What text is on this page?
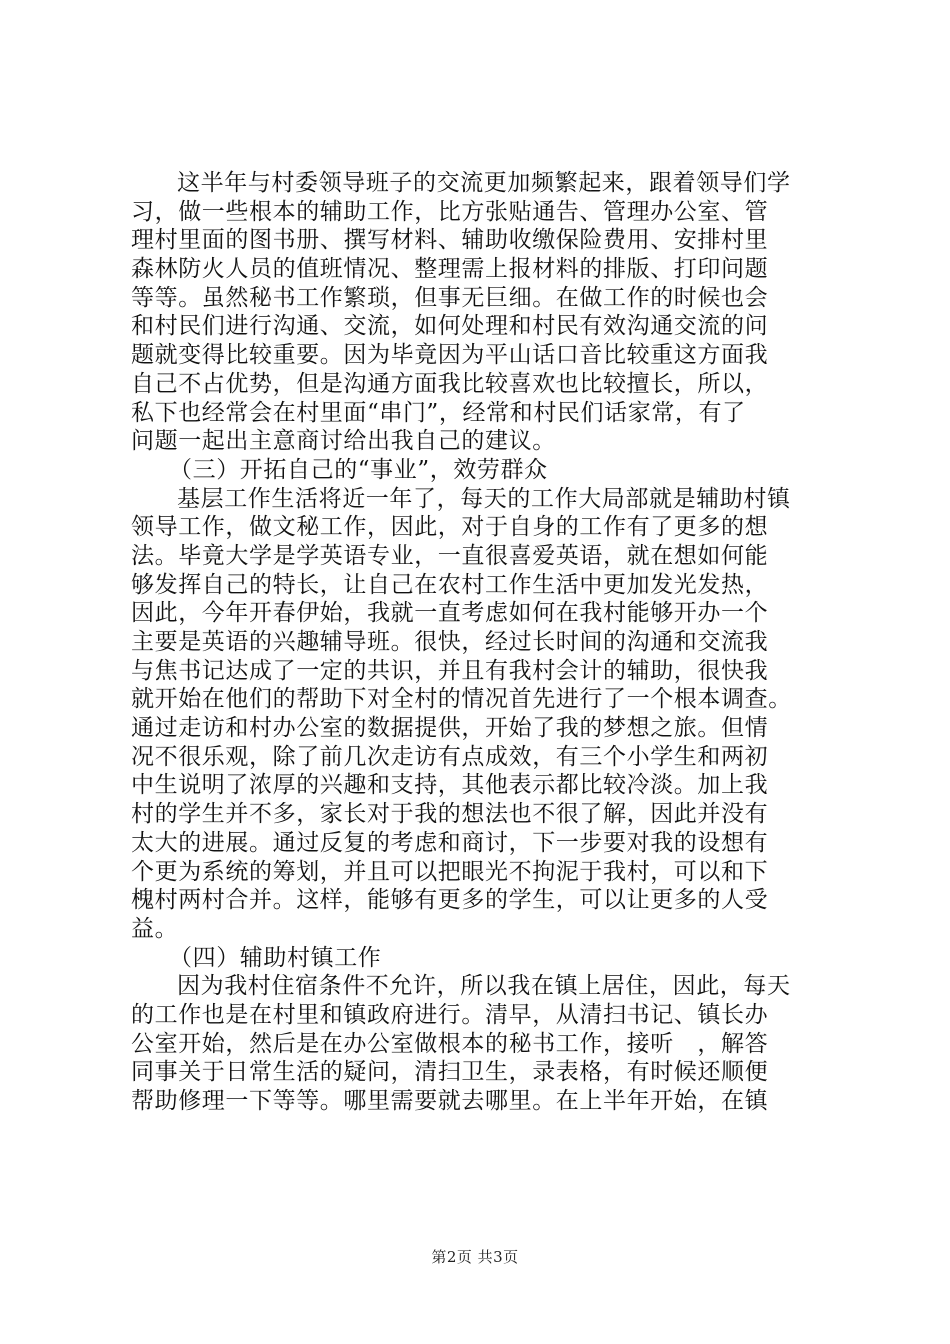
这半年与村委领导班子的交流更加频繁起来，跟着领导们学
习，做一些根本的辅助工作，比方张贴通告、管理办公室、管
理村里面的图书册、撰写材料、辅助收缴保险费用、安排村里
森林防火人员的值班情况、整理需上报材料的排版、打印问题
等等。虽然秘书工作繁琐，但事无巨细。在做工作的时候也会
和村民们进行沟通、交流，如何处理和村民有效沟通交流的问
题就变得比较重要。因为毕竟因为平山话口音比较重这方面我
自己不占优势，但是沟通方面我比较喜欢也比较擅长，所以，
私下也经常会在村里面“串门”，经常和村民们话家常，有了
问题一起出主意商讨给出我自己的建议。
（三）开拓自己的“事业”，效劳群众
基层工作生活将近一年了，每天的工作大局部就是辅助村镇
领导工作，做文秘工作，因此，对于自身的工作有了更多的想
法。毕竟大学是学英语专业，一直很喜爱英语，就在想如何能
够发挥自己的特长，让自己在农村工作生活中更加发光发热，
因此，今年开春伊始，我就一直考虑如何在我村能够开办一个
主要是英语的兴趣辅导班。很快，经过长时间的沟通和交流我
与焦书记达成了一定的共识，并且有我村会计的辅助，很快我
就开始在他们的帮助下对全村的情况首先进行了一个根本调查。
通过走访和村办公室的数据提供，开始了我的梦想之旅。但情
况不很乐观，除了前几次走访有点成效，有三个小学生和两初
中生说明了浓厚的兴趣和支持，其他表示都比较冷淡。加上我
村的学生并不多，家长对于我的想法也不很了解，因此并没有
太大的进展。通过反复的考虑和商讨，下一步要对我的设想有
个更为系统的筹划，并且可以把眼光不拘泥于我村，可以和下
槐村两村合并。这样，能够有更多的学生，可以让更多的人受
益。
（四）辅助村镇工作
因为我村住宿条件不允许，所以我在镇上居住，因此，每天
的工作也是在村里和镇政府进行。清早，从清扫书记、镇长办
公室开始，然后是在办公室做根本的秘书工作，接听　，解答
同事关于日常生活的疑问，清扫卫生，录表格，有时候还顺便
帮助修理一下等等。哪里需要就去哪里。在上半年开始，在镇
第2页 共3页
